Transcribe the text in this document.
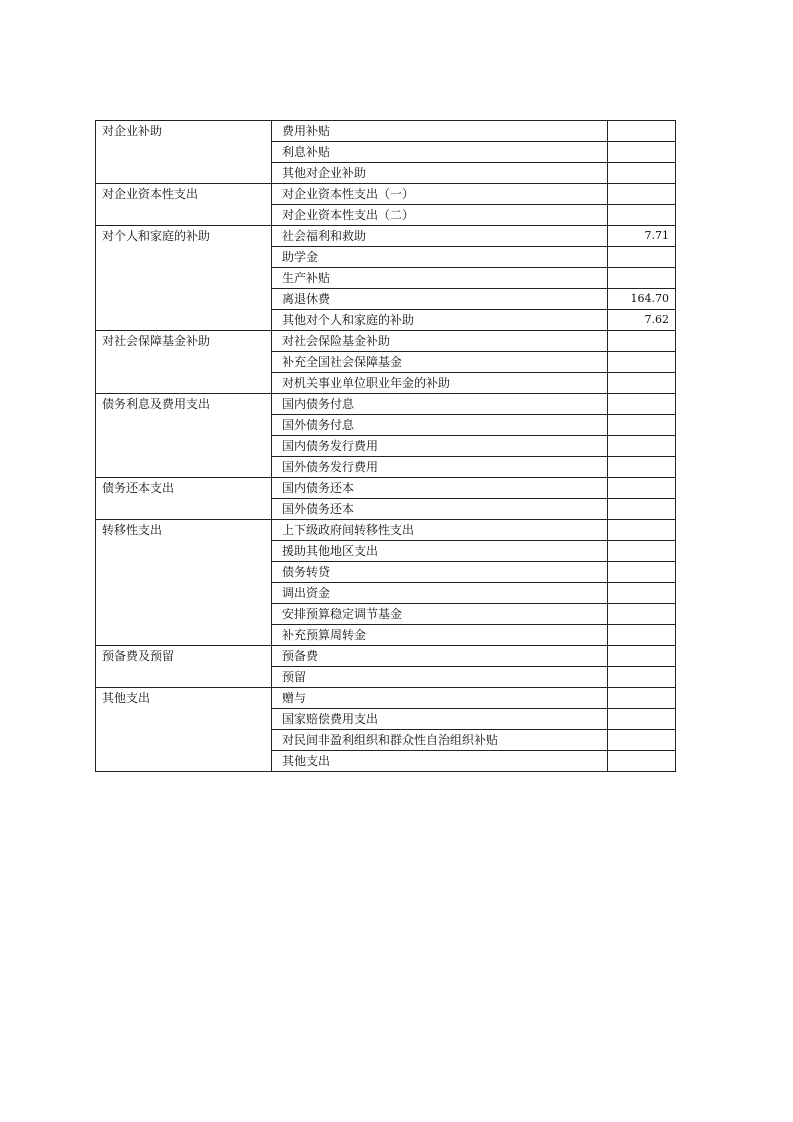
对企业补助	费用补贴	
	利息补贴	
	其他对企业补助	
对企业资本性支出	对企业资本性支出（一）	
	对企业资本性支出（二）	
对个人和家庭的补助	社会福利和救助	7.71
	助学金	
	生产补贴	
	离退休费	164.70
	其他对个人和家庭的补助	7.62
对社会保障基金补助	对社会保险基金补助	
	补充全国社会保障基金	
	对机关事业单位职业年金的补助	
债务利息及费用支出	国内债务付息	
	国外债务付息	
	国内债务发行费用	
	国外债务发行费用	
债务还本支出	国内债务还本	
	国外债务还本	
转移性支出	上下级政府间转移性支出	
	援助其他地区支出	
	债务转贷	
	调出资金	
	安排预算稳定调节基金	
	补充预算周转金	
预备费及预留	预备费	
	预留	
其他支出	赠与	
	国家赔偿费用支出	
	对民间非盈利组织和群众性自治组织补贴	
	其他支出	
